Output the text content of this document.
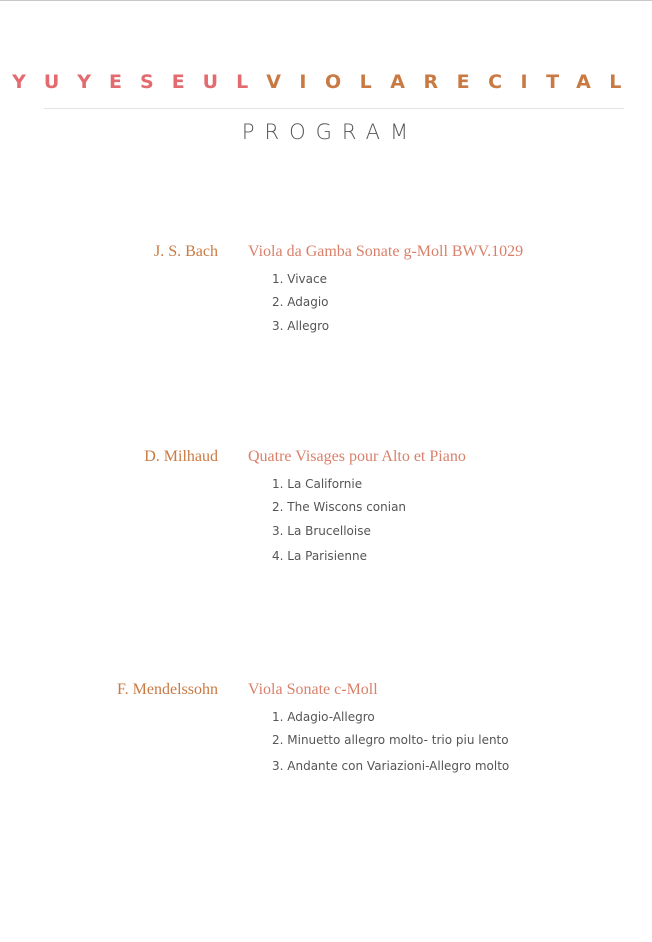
YUYESEUL VIOLARECITAL
PROGRAM
J. S. Bach Viola da Gamba Sonate g-Moll BWV.1029
1. Vivace
2. Adagio
3. Allegro
D. Milhaud Quatre Visages pour Alto et Piano
1. La Californie
2. The Wiscons conian
3. La Brucelloise
4. La Parisienne
F. Mendelssohn Viola Sonate c-Moll
1. Adagio-Allegro
2. Minuetto allegro molto- trio piu lento
3. Andante con Variazioni-Allegro molto
